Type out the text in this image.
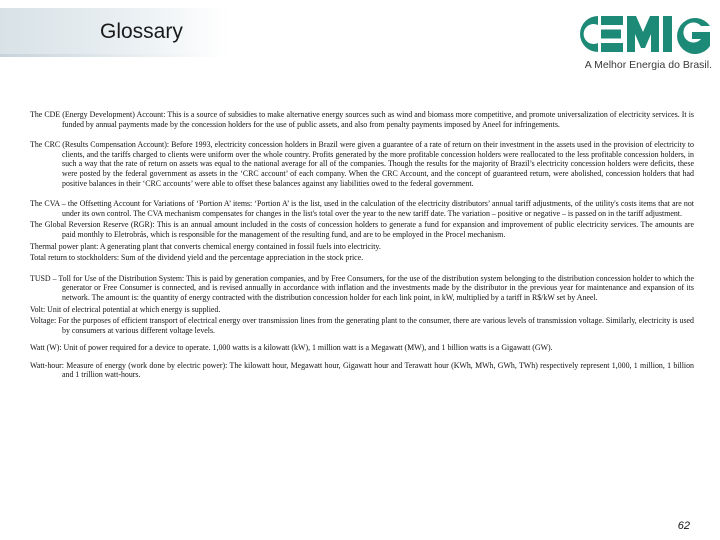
Glossary
A Melhor Energia do Brasil.

The CDE (Energy Development) Account: This is a source of subsidies to make alternative energy sources such as wind and biomass more competitive, and promote universalization of electricity services. It is funded by annual payments made by the concession holders for the use of public assets, and also from penalty payments imposed by Aneel for infringements.

The CRC (Results Compensation Account): Before 1993, electricity concession holders in Brazil were given a guarantee of a rate of return on their investment in the assets used in the provision of electricity to clients, and the tariffs charged to clients were uniform over the whole country. Profits generated by the more profitable concession holders were reallocated to the less profitable concession holders, in such a way that the rate of return on assets was equal to the national average for all of the companies. Though the results for the majority of Brazil’s electricity concession holders were deficits, these were posted by the federal government as assets in the ‘CRC account’ of each company. When the CRC Account, and the concept of guaranteed return, were abolished, concession holders that had positive balances in their ‘CRC accounts’ were able to offset these balances against any liabilities owed to the federal government.

The CVA – the Offsetting Account for Variations of ‘Portion A’ items: ‘Portion A’ is the list, used in the calculation of the electricity distributors’ annual tariff adjustments, of the utility's costs items that are not under its own control. The CVA mechanism compensates for changes in the list's total over the year to the new tariff date. The variation – positive or negative – is passed on in the tariff adjustment.

The Global Reversion Reserve (RGR): This is an annual amount included in the costs of concession holders to generate a fund for expansion and improvement of public electricity services. The amounts are paid monthly to Eletrobrás, which is responsible for the management of the resulting fund, and are to be employed in the Procel mechanism.

Thermal power plant: A generating plant that converts chemical energy contained in fossil fuels into electricity.

Total return to stockholders: Sum of the dividend yield and the percentage appreciation in the stock price.

TUSD – Toll for Use of the Distribution System: This is paid by generation companies, and by Free Consumers, for the use of the distribution system belonging to the distribution concession holder to which the generator or Free Consumer is connected, and is revised annually in accordance with inflation and the investments made by the distributor in the previous year for maintenance and expansion of its network. The amount is: the quantity of energy contracted with the distribution concession holder for each link point, in kW, multiplied by a tariff in R$/kW set by Aneel.

Volt: Unit of electrical potential at which energy is supplied.

Voltage: For the purposes of efficient transport of electrical energy over transmission lines from the generating plant to the consumer, there are various levels of transmission voltage. Similarly, electricity is used by consumers at various different voltage levels.

Watt (W): Unit of power required for a device to operate. 1,000 watts is a kilowatt (kW), 1 million watt is a Megawatt (MW), and 1 billion watts is a Gigawatt (GW).

Watt-hour: Measure of energy (work done by electric power): The kilowatt hour, Megawatt hour, Gigawatt hour and Terawatt hour (KWh, MWh, GWh, TWh) respectively represent 1,000, 1 million, 1 billion and 1 trillion watt-hours.

62
